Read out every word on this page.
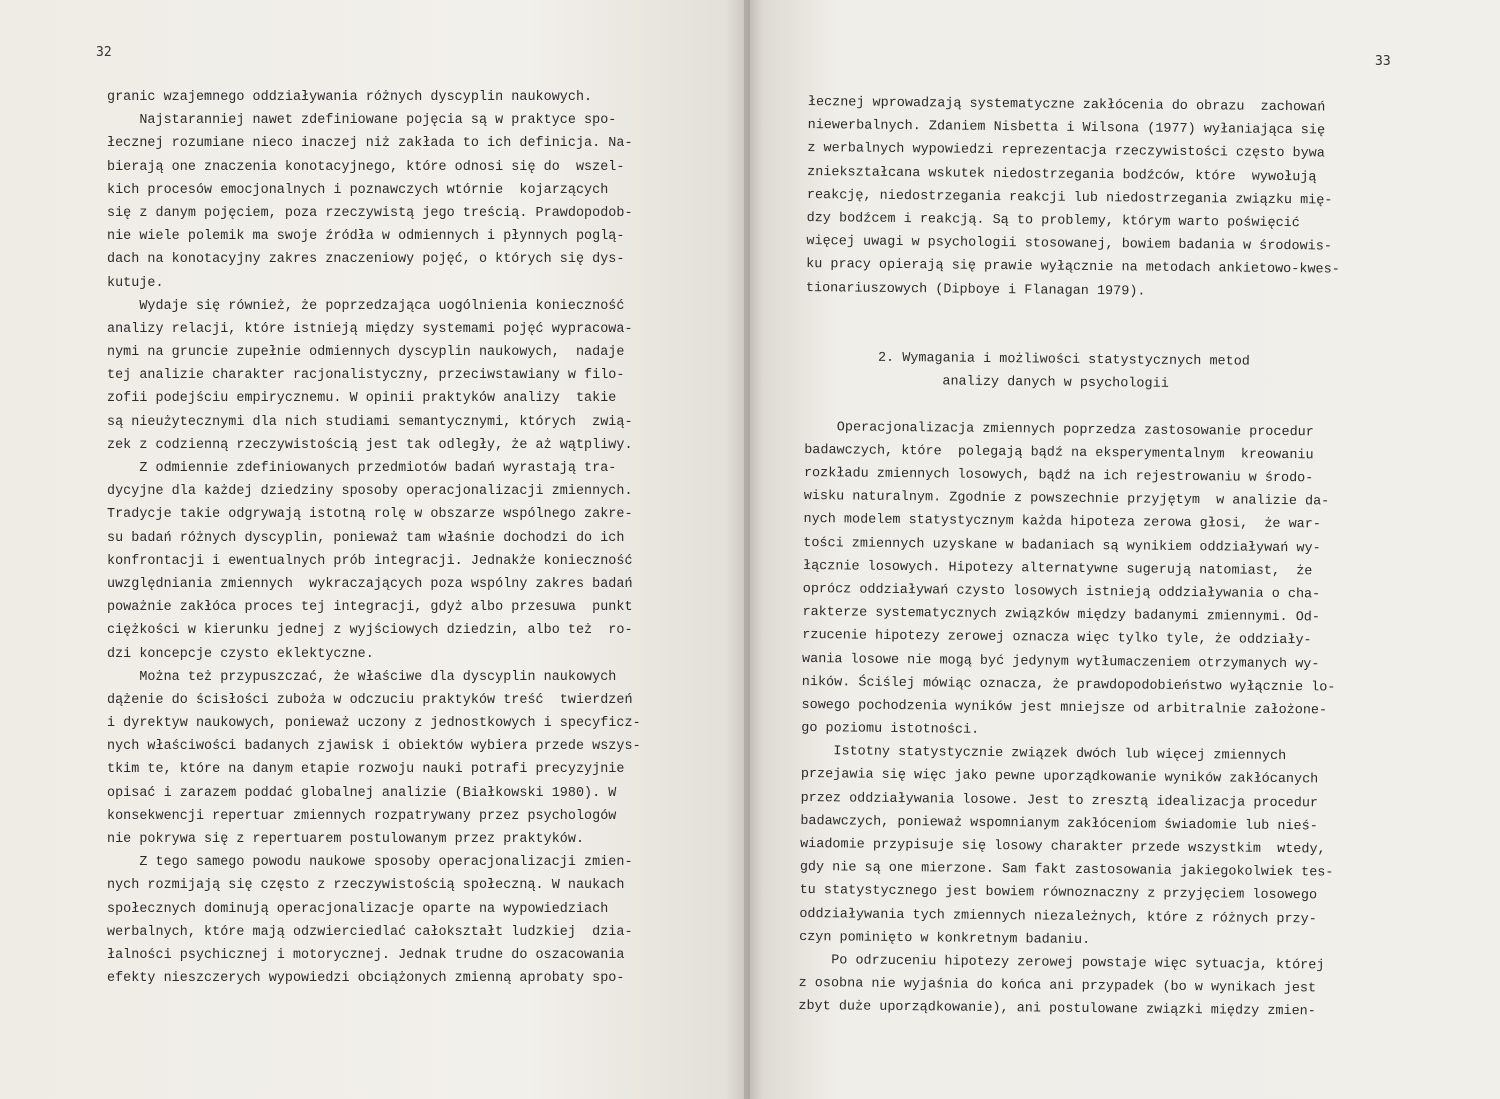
32
granic wzajemnego oddziaływania różnych dyscyplin naukowych.
Najstaranniej nawet zdefiniowane pojęcia są w praktyce spo-
łecznej rozumiane nieco inaczej niż zakłada to ich definicja. Na-
bierają one znaczenia konotacyjnego, które odnosi się do  wszel-
kich procesów emocjonalnych i poznawczych wtórnie  kojarzących
się z danym pojęciem, poza rzeczywistą jego treścią. Prawdopodob-
nie wiele polemik ma swoje źródła w odmiennych i płynnych poglą-
dach na konotacyjny zakres znaczeniowy pojęć, o których się dys-
kutuje.
Wydaje się również, że poprzedzająca uogólnienia konieczność
analizy relacji, które istnieją między systemami pojęć wypracowa-
nymi na gruncie zupełnie odmiennych dyscyplin naukowych,  nadaje
tej analizie charakter racjonalistyczny, przeciwstawiany w filo-
zofii podejściu empirycznemu. W opinii praktyków analizy  takie
są nieużytecznymi dla nich studiami semantycznymi, których  zwią-
zek z codzienną rzeczywistością jest tak odległy, że aż wątpliwy.
Z odmiennie zdefiniowanych przedmiotów badań wyrastają tra-
dycyjne dla każdej dziedziny sposoby operacjonalizacji zmiennych.
Tradycje takie odgrywają istotną rolę w obszarze wspólnego zakre-
su badań różnych dyscyplin, ponieważ tam właśnie dochodzi do ich
konfrontacji i ewentualnych prób integracji. Jednakże konieczność
uwzględniania zmiennych  wykraczających poza wspólny zakres badań
poważnie zakłóca proces tej integracji, gdyż albo przesuwa  punkt
ciężkości w kierunku jednej z wyjściowych dziedzin, albo też  ro-
dzi koncepcje czysto eklektyczne.
Można też przypuszczać, że właściwe dla dyscyplin naukowych
dążenie do ścisłości zuboża w odczuciu praktyków treść  twierdzeń
i dyrektyw naukowych, ponieważ uczony z jednostkowych i specyficz-
nych właściwości badanych zjawisk i obiektów wybiera przede wszys-
tkim te, które na danym etapie rozwoju nauki potrafi precyzyjnie
opisać i zarazem poddać globalnej analizie (Białkowski 1980). W
konsekwencji repertuar zmiennych rozpatrywany przez psychologów
nie pokrywa się z repertuarem postulowanym przez praktyków.
Z tego samego powodu naukowe sposoby operacjonalizacji zmien-
nych rozmijają się często z rzeczywistością społeczną. W naukach
społecznych dominują operacjonalizacje oparte na wypowiedziach
werbalnych, które mają odzwierciedlać całokształt ludzkiej  dzia-
łalności psychicznej i motorycznej. Jednak trudne do oszacowania
efekty nieszczerych wypowiedzi obciążonych zmienną aprobaty spo-
33
łecznej wprowadzają systematyczne zakłócenia do obrazu  zachowań
niewerbalnych. Zdaniem Nisbetta i Wilsona (1977) wyłaniająca się
z werbalnych wypowiedzi reprezentacja rzeczywistości często bywa
zniekształcana wskutek niedostrzegania bodźców, które  wywołują
reakcję, niedostrzegania reakcji lub niedostrzegania związku mię-
dzy bodźcem i reakcją. Są to problemy, którym warto poświęcić
więcej uwagi w psychologii stosowanej, bowiem badania w środowis-
ku pracy opierają się prawie wyłącznie na metodach ankietowo-kwes-
tionariuszowych (Dipboye i Flanagan 1979).
2. Wymagania i możliwości statystycznych metod
analizy danych w psychologii
Operacjonalizacja zmiennych poprzedza zastosowanie procedur
badawczych, które  polegają bądź na eksperymentalnym  kreowaniu
rozkładu zmiennych losowych, bądź na ich rejestrowaniu w środo-
wisku naturalnym. Zgodnie z powszechnie przyjętym  w analizie da-
nych modelem statystycznym każda hipoteza zerowa głosi,  że war-
tości zmiennych uzyskane w badaniach są wynikiem oddziaływań wy-
łącznie losowych. Hipotezy alternatywne sugerują natomiast,  że
oprócz oddziaływań czysto losowych istnieją oddziaływania o cha-
rakterze systematycznych związków między badanymi zmiennymi. Od-
rzucenie hipotezy zerowej oznacza więc tylko tyle, że oddziały-
wania losowe nie mogą być jedynym wytłumaczeniem otrzymanych wy-
ników. Ściślej mówiąc oznacza, że prawdopodobieństwo wyłącznie lo-
sowego pochodzenia wyników jest mniejsze od arbitralnie założone-
go poziomu istotności.
Istotny statystycznie związek dwóch lub więcej zmiennych
przejawia się więc jako pewne uporządkowanie wyników zakłócanych
przez oddziaływania losowe. Jest to zresztą idealizacja procedur
badawczych, ponieważ wspomnianym zakłóceniom świadomie lub nieś-
wiadomie przypisuje się losowy charakter przede wszystkim  wtedy,
gdy nie są one mierzone. Sam fakt zastosowania jakiegokolwiek tes-
tu statystycznego jest bowiem równoznaczny z przyjęciem losowego
oddziaływania tych zmiennych niezależnych, które z różnych przy-
czyn pominięto w konkretnym badaniu.
Po odrzuceniu hipotezy zerowej powstaje więc sytuacja, której
z osobna nie wyjaśnia do końca ani przypadek (bo w wynikach jest
zbyt duże uporządkowanie), ani postulowane związki między zmien-
